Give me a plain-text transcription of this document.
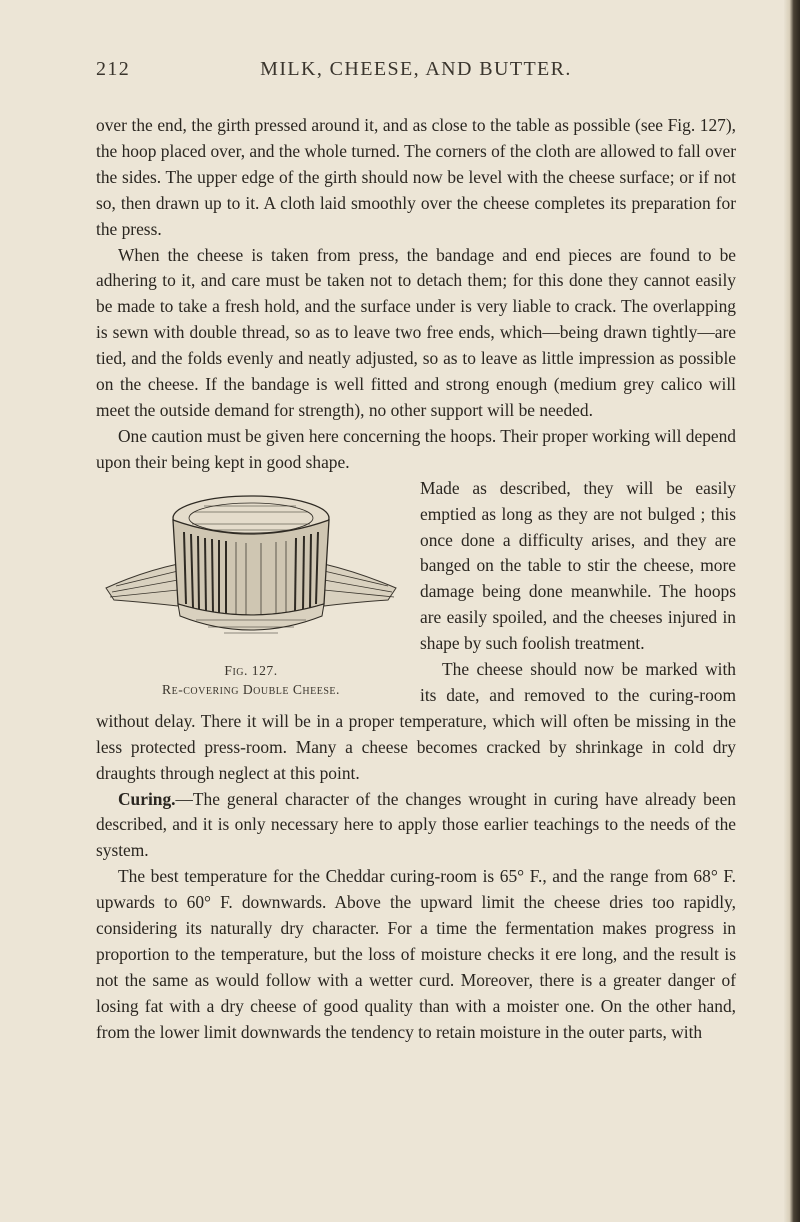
212	MILK, CHEESE, AND BUTTER.

over the end, the girth pressed around it, and as close to the table as possible (see Fig. 127), the hoop placed over, and the whole turned. The corners of the cloth are allowed to fall over the sides. The upper edge of the girth should now be level with the cheese surface; or if not so, then drawn up to it. A cloth laid smoothly over the cheese completes its preparation for the press.

When the cheese is taken from press, the bandage and end pieces are found to be adhering to it, and care must be taken not to detach them; for this done they cannot easily be made to take a fresh hold, and the surface under is very liable to crack. The overlapping is sewn with double thread, so as to leave two free ends, which—being drawn tightly—are tied, and the folds evenly and neatly adjusted, so as to leave as little impression as possible on the cheese. If the bandage is well fitted and strong enough (medium grey calico will meet the outside demand for strength), no other support will be needed.

One caution must be given here concerning the hoops. Their proper working will depend upon their being kept in good shape.

Fig. 127.
Re-covering Double Cheese.

Made as described, they will be easily emptied as long as they are not bulged ; this once done a difficulty arises, and they are banged on the table to stir the cheese, more damage being done meanwhile. The hoops are easily spoiled, and the cheeses injured in shape by such foolish treatment.

The cheese should now be marked with its date, and removed to the curing-room without delay. There it will be in a proper temperature, which will often be missing in the less protected press-room. Many a cheese becomes cracked by shrinkage in cold dry draughts through neglect at this point.

Curing.—The general character of the changes wrought in curing have already been described, and it is only necessary here to apply those earlier teachings to the needs of the system.

The best temperature for the Cheddar curing-room is 65° F., and the range from 68° F. upwards to 60° F. downwards. Above the upward limit the cheese dries too rapidly, considering its naturally dry character. For a time the fermentation makes progress in proportion to the temperature, but the loss of moisture checks it ere long, and the result is not the same as would follow with a wetter curd. Moreover, there is a greater danger of losing fat with a dry cheese of good quality than with a moister one. On the other hand, from the lower limit downwards the tendency to retain moisture in the outer parts, with
